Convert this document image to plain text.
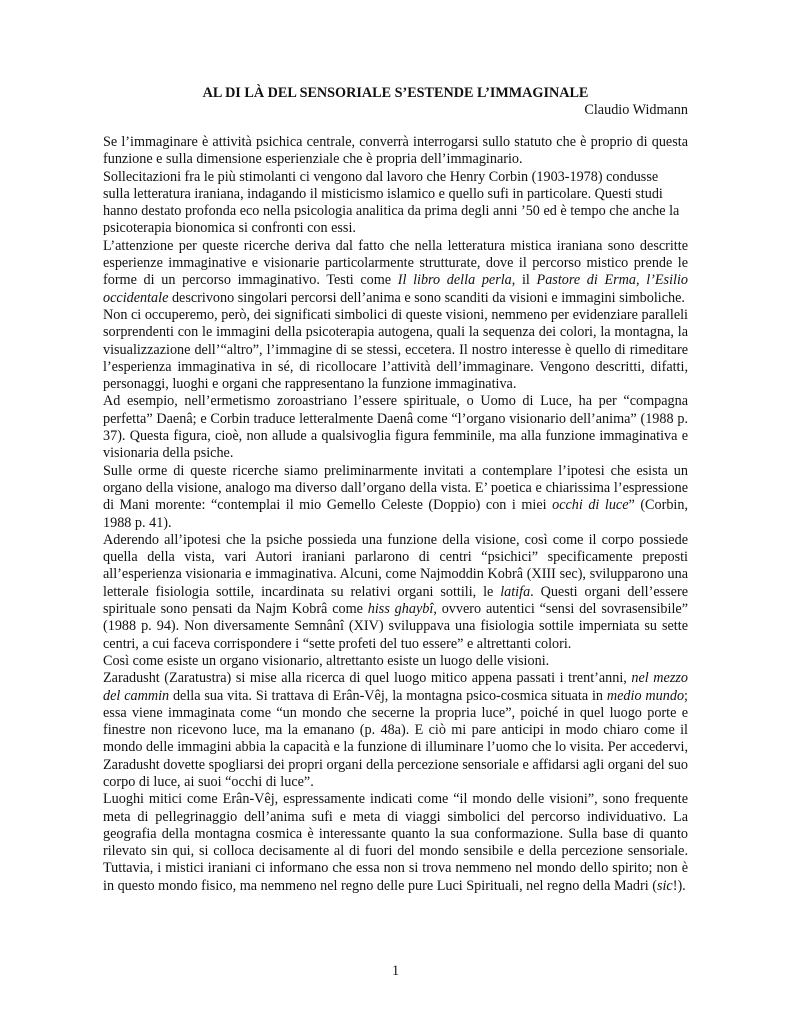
AL DI LÀ DEL SENSORIALE S’ESTENDE L’IMMAGINALE
Claudio Widmann

Se l’immaginare è attività psichica centrale, converrà interrogarsi sullo statuto che è proprio di questa funzione e sulla dimensione esperienziale che è propria dell’immaginario.

Sollecitazioni fra le più stimolanti ci vengono dal lavoro che Henry Corbin (1903-1978) condusse sulla letteratura iraniana, indagando il misticismo islamico e quello sufi in particolare. Questi studi hanno destato profonda eco nella psicologia analitica da prima degli anni ’50 ed è tempo che anche la psicoterapia bionomica si confronti con essi.

L’attenzione per queste ricerche deriva dal fatto che nella letteratura mistica iraniana sono descritte esperienze immaginative e visionarie particolarmente strutturate, dove il percorso mistico prende le forme di un percorso immaginativo. Testi come Il libro della perla, il Pastore di Erma, l’Esilio occidentale descrivono singolari percorsi dell’anima e sono scanditi da visioni e immagini simboliche.

Non ci occuperemo, però, dei significati simbolici di queste visioni, nemmeno per evidenziare paralleli sorprendenti con le immagini della psicoterapia autogena, quali la sequenza dei colori, la montagna, la visualizzazione dell’“altro”, l’immagine di se stessi, eccetera. Il nostro interesse è quello di rimeditare l’esperienza immaginativa in sé, di ricollocare l’attività dell’immaginare. Vengono descritti, difatti, personaggi, luoghi e organi che rappresentano la funzione immaginativa.

Ad esempio, nell’ermetismo zoroastriano l’essere spirituale, o Uomo di Luce, ha per “compagna perfetta” Daenâ; e Corbin traduce letteralmente Daenâ come “l’organo visionario dell’anima” (1988 p. 37). Questa figura, cioè, non allude a qualsivoglia figura femminile, ma alla funzione immaginativa e visionaria della psiche.

Sulle orme di queste ricerche siamo preliminarmente invitati a contemplare l’ipotesi che esista un organo della visione, analogo ma diverso dall’organo della vista. E’ poetica e chiarissima l’espressione di Mani morente: “contemplai il mio Gemello Celeste (Doppio) con i miei occhi di luce” (Corbin, 1988 p. 41).

Aderendo all’ipotesi che la psiche possieda una funzione della visione, così come il corpo possiede quella della vista, vari Autori iraniani parlarono di centri “psichici” specificamente preposti all’esperienza visionaria e immaginativa. Alcuni, come Najmoddin Kobrâ (XIII sec), svilupparono una letterale fisiologia sottile, incardinata su relativi organi sottili, le latifa. Questi organi dell’essere spirituale sono pensati da Najm Kobrâ come hiss ghaybî, ovvero autentici “sensi del sovrasensibile” (1988 p. 94). Non diversamente Semnânî (XIV) sviluppava una fisiologia sottile imperniata su sette centri, a cui faceva corrispondere i “sette profeti del tuo essere” e altrettanti colori.

Così come esiste un organo visionario, altrettanto esiste un luogo delle visioni.

Zaradusht (Zaratustra) si mise alla ricerca di quel luogo mitico appena passati i trent’anni, nel mezzo del cammin della sua vita. Si trattava di Erân-Vêj, la montagna psico-cosmica situata in medio mundo; essa viene immaginata come “un mondo che secerne la propria luce”, poiché in quel luogo porte e finestre non ricevono luce, ma la emanano (p. 48a). E ciò mi pare anticipi in modo chiaro come il mondo delle immagini abbia la capacità e la funzione di illuminare l’uomo che lo visita. Per accedervi, Zaradusht dovette spogliarsi dei propri organi della percezione sensoriale e affidarsi agli organi del suo corpo di luce, ai suoi “occhi di luce”.

Luoghi mitici come Erân-Vêj, espressamente indicati come “il mondo delle visioni”, sono frequente meta di pellegrinaggio dell’anima sufi e meta di viaggi simbolici del percorso individuativo. La geografia della montagna cosmica è interessante quanto la sua conformazione. Sulla base di quanto rilevato sin qui, si colloca decisamente al di fuori del mondo sensibile e della percezione sensoriale. Tuttavia, i mistici iraniani ci informano che essa non si trova nemmeno nel mondo dello spirito; non è in questo mondo fisico, ma nemmeno nel regno delle pure Luci Spirituali, nel regno della Madri (sic!).

1
